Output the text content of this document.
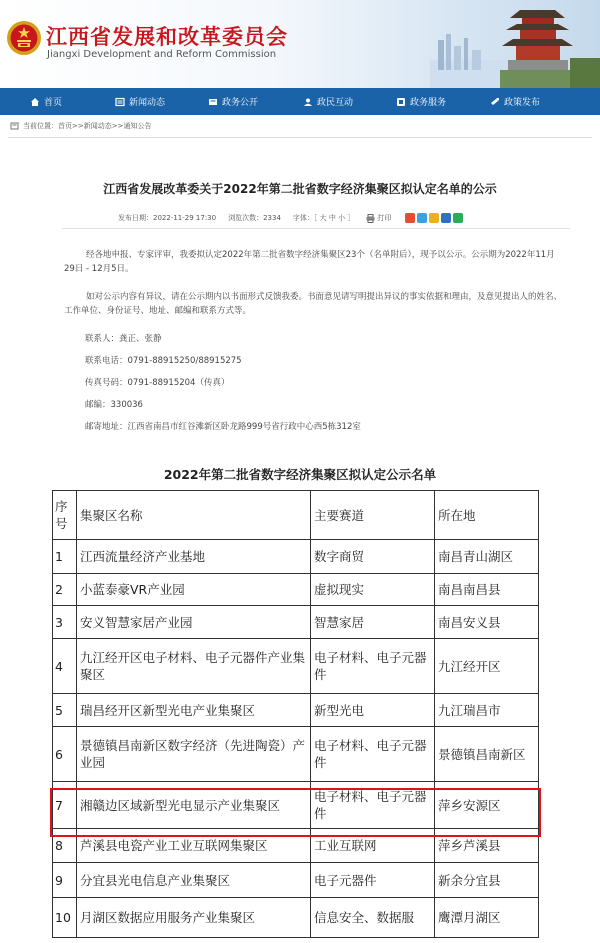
江西省发展和改革委员会
Jiangxi Development and Reform Commission
首页	新闻动态	政务公开	政民互动	政务服务	政策发布
当前位置： 首页 >> 新闻动态 >> 通知公告
江西省发展改革委关于2022年第二批省数字经济集聚区拟认定名单的公示
发布日期：2022-11-29 17:30 浏览次数：2334 字体：［ 大 中 小 ］	打印
经各地申报、专家评审，我委拟认定2022年第二批省数字经济集聚区23个（名单附后），现予以公示。公示期为2022年11月29日 - 12月5日。
如对公示内容有异议，请在公示期内以书面形式反馈我委。书面意见请写明提出异议的事实依据和理由，及意见提出人的姓名、工作单位、身份证号、地址、邮编和联系方式等。
联系人：龚正、张静
联系电话：0791-88915250/88915275
传真号码：0791-88915204（传真）
邮编：330036
邮寄地址：江西省南昌市红谷滩新区卧龙路999号省行政中心西5栋312室
2022年第二批省数字经济集聚区拟认定公示名单
序号	集聚区名称	主要赛道	所在地
1	江西流量经济产业基地	数字商贸	南昌青山湖区
2	小蓝泰豪VR产业园	虚拟现实	南昌南昌县
3	安义智慧家居产业园	智慧家居	南昌安义县
4	九江经开区电子材料、电子元器件产业集聚区	电子材料、电子元器件	九江经开区
5	瑞昌经开区新型光电产业集聚区	新型光电	九江瑞昌市
6	景德镇昌南新区数字经济（先进陶瓷）产业园	电子材料、电子元器件	景德镇昌南新区
7	湘赣边区域新型光电显示产业集聚区	电子材料、电子元器件	萍乡安源区
8	芦溪县电瓷产业工业互联网集聚区	工业互联网	萍乡芦溪县
9	分宜县光电信息产业集聚区	电子元器件	新余分宜县
10	月湖区数据应用服务产业集聚区	信息安全、数据服	鹰潭月湖区
